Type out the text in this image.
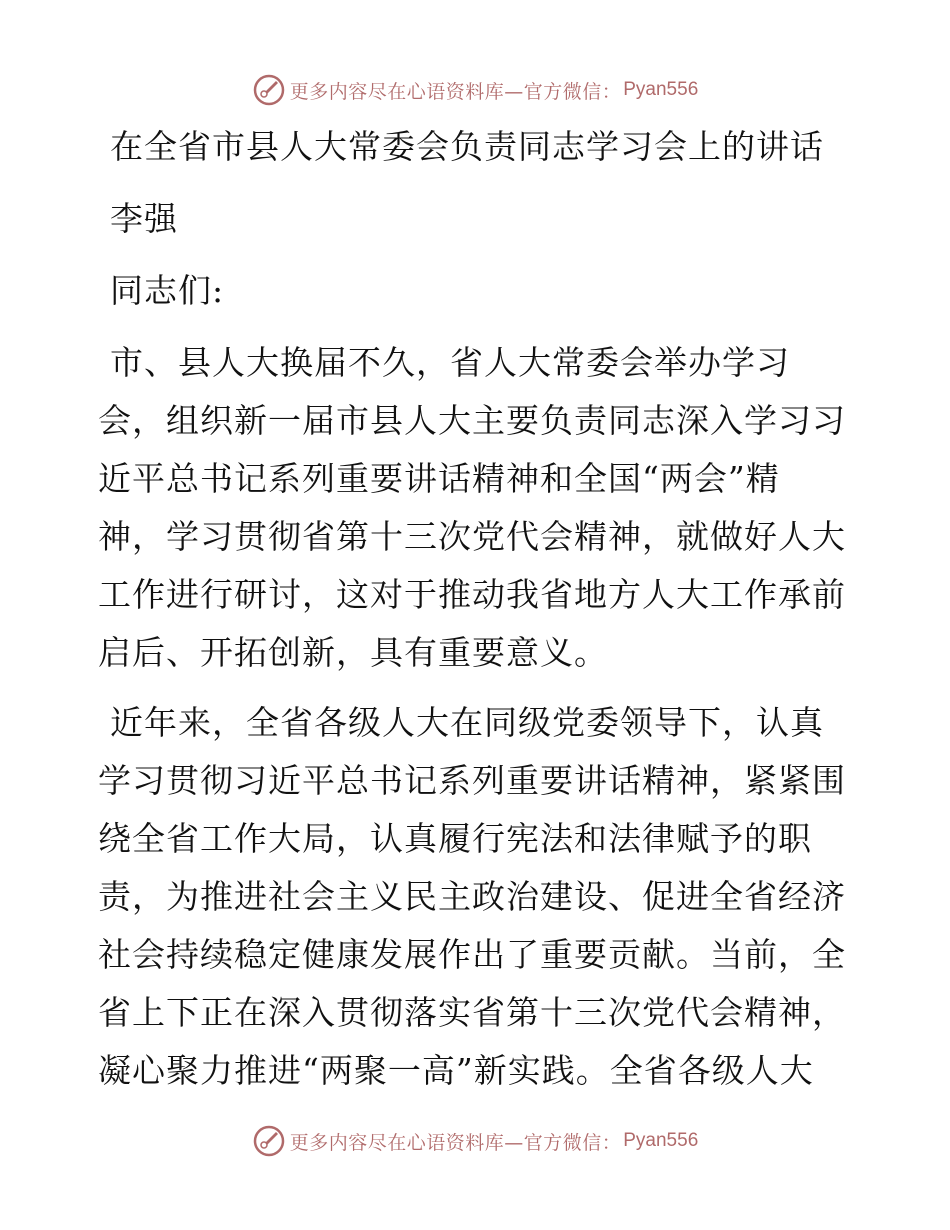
更多内容尽在心语资料库—官方微信： Pyan556
在全省市县人大常委会负责同志学习会上的讲话
李强
同志们:

市、县人大换届不久，省人大常委会举办学习

会，组织新一届市县人大主要负责同志深入学习习

近平总书记系列重要讲话精神和全国“两会”精

神，学习贯彻省第十三次党代会精神，就做好人大

工作进行研讨，这对于推动我省地方人大工作承前

启后、开拓创新，具有重要意义。

近年来，全省各级人大在同级党委领导下，认真

学习贯彻习近平总书记系列重要讲话精神，紧紧围

绕全省工作大局，认真履行宪法和法律赋予的职

责，为推进社会主义民主政治建设、促进全省经济

社会持续稳定健康发展作出了重要贡献。当前，全

省上下正在深入贯彻落实省第十三次党代会精神，

凝心聚力推进“两聚一高”新实践。全省各级人大

更多内容尽在心语资料库—官方微信： Pyan556
